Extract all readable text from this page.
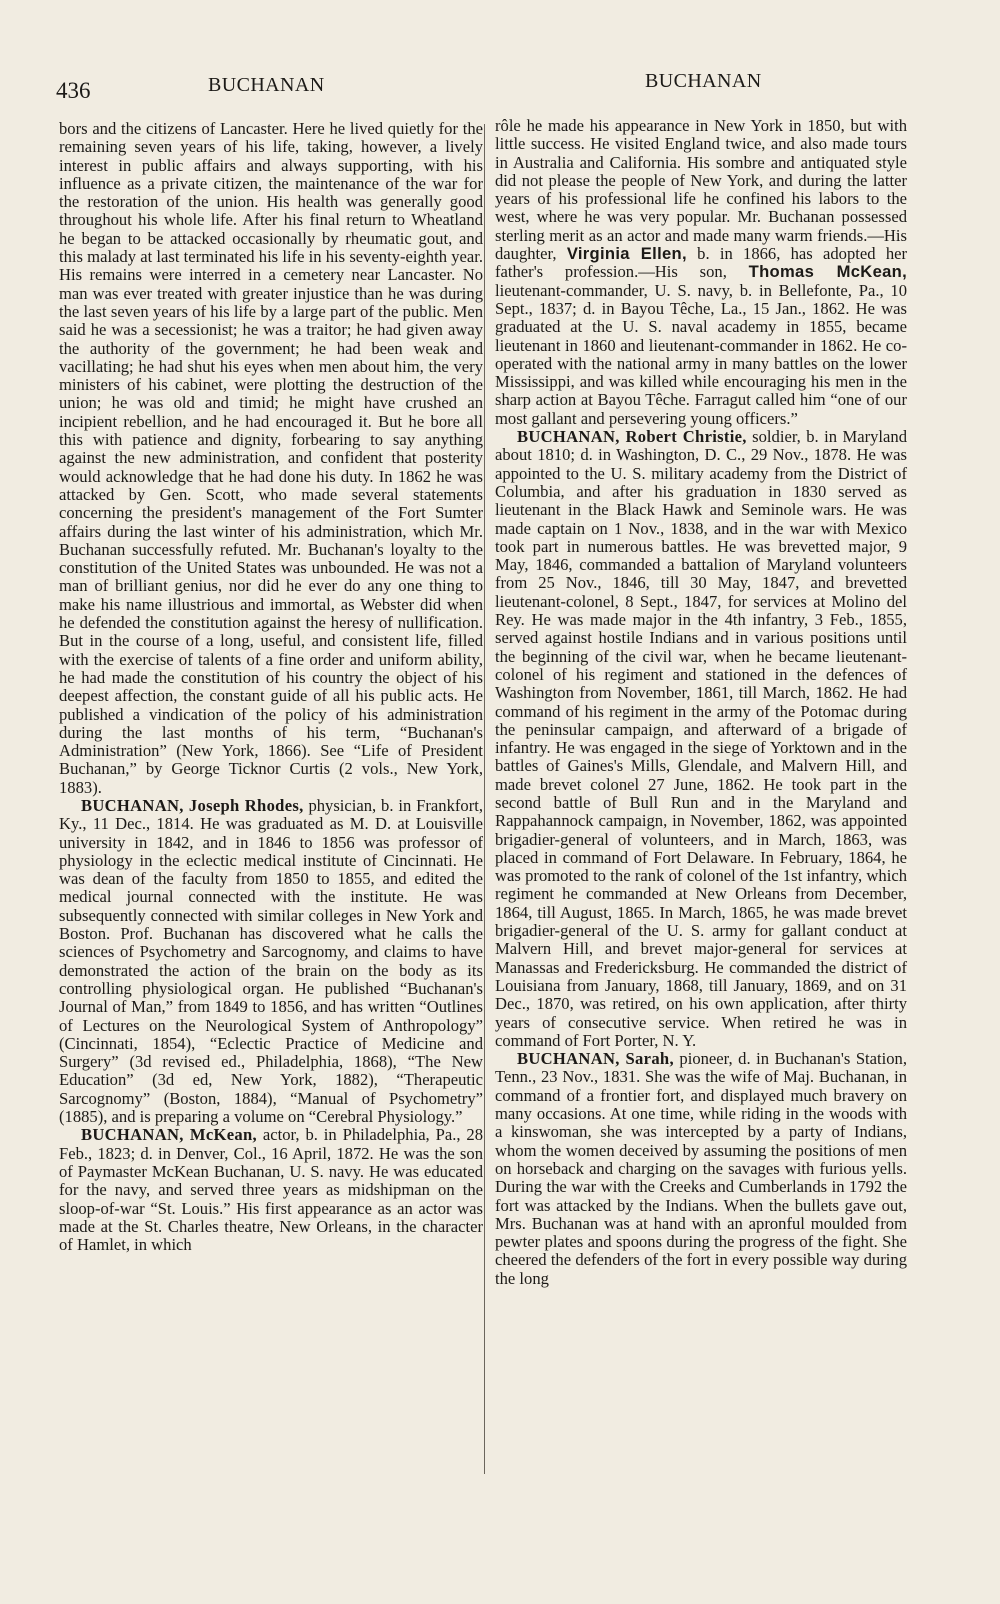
436	BUCHANAN	BUCHANAN

bors and the citizens of Lancaster. Here he lived quietly for the remaining seven years of his life, taking, however, a lively interest in public affairs and always supporting, with his influence as a private citizen, the maintenance of the war for the restoration of the union. His health was generally good throughout his whole life. After his final return to Wheatland he began to be attacked occasionally by rheumatic gout, and this malady at last terminated his life in his seventy-eighth year. His remains were interred in a cemetery near Lancaster. No man was ever treated with greater injustice than he was during the last seven years of his life by a large part of the public. Men said he was a secessionist; he was a traitor; he had given away the authority of the government; he had been weak and vacillating; he had shut his eyes when men about him, the very ministers of his cabinet, were plotting the destruction of the union; he was old and timid; he might have crushed an incipient rebellion, and he had encouraged it. But he bore all this with patience and dignity, forbearing to say anything against the new administration, and confident that posterity would acknowledge that he had done his duty. In 1862 he was attacked by Gen. Scott, who made several statements concerning the president's management of the Fort Sumter affairs during the last winter of his administration, which Mr. Buchanan successfully refuted. Mr. Buchanan's loyalty to the constitution of the United States was unbounded. He was not a man of brilliant genius, nor did he ever do any one thing to make his name illustrious and immortal, as Webster did when he defended the constitution against the heresy of nullification. But in the course of a long, useful, and consistent life, filled with the exercise of talents of a fine order and uniform ability, he had made the constitution of his country the object of his deepest affection, the constant guide of all his public acts. He published a vindication of the policy of his administration during the last months of his term, “Buchanan's Administration” (New York, 1866). See “Life of President Buchanan,” by George Ticknor Curtis (2 vols., New York, 1883).

BUCHANAN, Joseph Rhodes, physician, b. in Frankfort, Ky., 11 Dec., 1814. He was graduated as M. D. at Louisville university in 1842, and in 1846 to 1856 was professor of physiology in the eclectic medical institute of Cincinnati. He was dean of the faculty from 1850 to 1855, and edited the medical journal connected with the institute. He was subsequently connected with similar colleges in New York and Boston. Prof. Buchanan has discovered what he calls the sciences of Psychometry and Sarcognomy, and claims to have demonstrated the action of the brain on the body as its controlling physiological organ. He published “Buchanan's Journal of Man,” from 1849 to 1856, and has written “Outlines of Lectures on the Neurological System of Anthropology” (Cincinnati, 1854), “Eclectic Practice of Medicine and Surgery” (3d revised ed., Philadelphia, 1868), “The New Education” (3d ed, New York, 1882), “Therapeutic Sarcognomy” (Boston, 1884), “Manual of Psychometry” (1885), and is preparing a volume on “Cerebral Physiology.”

BUCHANAN, McKean, actor, b. in Philadelphia, Pa., 28 Feb., 1823; d. in Denver, Col., 16 April, 1872. He was the son of Paymaster McKean Buchanan, U. S. navy. He was educated for the navy, and served three years as midshipman on the sloop-of-war “St. Louis.” His first appearance as an actor was made at the St. Charles theatre, New Orleans, in the character of Hamlet, in which

rôle he made his appearance in New York in 1850, but with little success. He visited England twice, and also made tours in Australia and California. His sombre and antiquated style did not please the people of New York, and during the latter years of his professional life he confined his labors to the west, where he was very popular. Mr. Buchanan possessed sterling merit as an actor and made many warm friends.—His daughter, Virginia Ellen, b. in 1866, has adopted her father's profession.—His son, Thomas McKean, lieutenant-commander, U. S. navy, b. in Bellefonte, Pa., 10 Sept., 1837; d. in Bayou Têche, La., 15 Jan., 1862. He was graduated at the U. S. naval academy in 1855, became lieutenant in 1860 and lieutenant-commander in 1862. He co-operated with the national army in many battles on the lower Mississippi, and was killed while encouraging his men in the sharp action at Bayou Têche. Farragut called him “one of our most gallant and persevering young officers.”

BUCHANAN, Robert Christie, soldier, b. in Maryland about 1810; d. in Washington, D. C., 29 Nov., 1878. He was appointed to the U. S. military academy from the District of Columbia, and after his graduation in 1830 served as lieutenant in the Black Hawk and Seminole wars. He was made captain on 1 Nov., 1838, and in the war with Mexico took part in numerous battles. He was brevetted major, 9 May, 1846, commanded a battalion of Maryland volunteers from 25 Nov., 1846, till 30 May, 1847, and brevetted lieutenant-colonel, 8 Sept., 1847, for services at Molino del Rey. He was made major in the 4th infantry, 3 Feb., 1855, served against hostile Indians and in various positions until the beginning of the civil war, when he became lieutenant-colonel of his regiment and stationed in the defences of Washington from November, 1861, till March, 1862. He had command of his regiment in the army of the Potomac during the peninsular campaign, and afterward of a brigade of infantry. He was engaged in the siege of Yorktown and in the battles of Gaines's Mills, Glendale, and Malvern Hill, and made brevet colonel 27 June, 1862. He took part in the second battle of Bull Run and in the Maryland and Rappahannock campaign, in November, 1862, was appointed brigadier-general of volunteers, and in March, 1863, was placed in command of Fort Delaware. In February, 1864, he was promoted to the rank of colonel of the 1st infantry, which regiment he commanded at New Orleans from December, 1864, till August, 1865. In March, 1865, he was made brevet brigadier-general of the U. S. army for gallant conduct at Malvern Hill, and brevet major-general for services at Manassas and Fredericksburg. He commanded the district of Louisiana from January, 1868, till January, 1869, and on 31 Dec., 1870, was retired, on his own application, after thirty years of consecutive service. When retired he was in command of Fort Porter, N. Y.

BUCHANAN, Sarah, pioneer, d. in Buchanan's Station, Tenn., 23 Nov., 1831. She was the wife of Maj. Buchanan, in command of a frontier fort, and displayed much bravery on many occasions. At one time, while riding in the woods with a kinswoman, she was intercepted by a party of Indians, whom the women deceived by assuming the positions of men on horseback and charging on the savages with furious yells. During the war with the Creeks and Cumberlands in 1792 the fort was attacked by the Indians. When the bullets gave out, Mrs. Buchanan was at hand with an apronful moulded from pewter plates and spoons during the progress of the fight. She cheered the defenders of the fort in every possible way during the long
